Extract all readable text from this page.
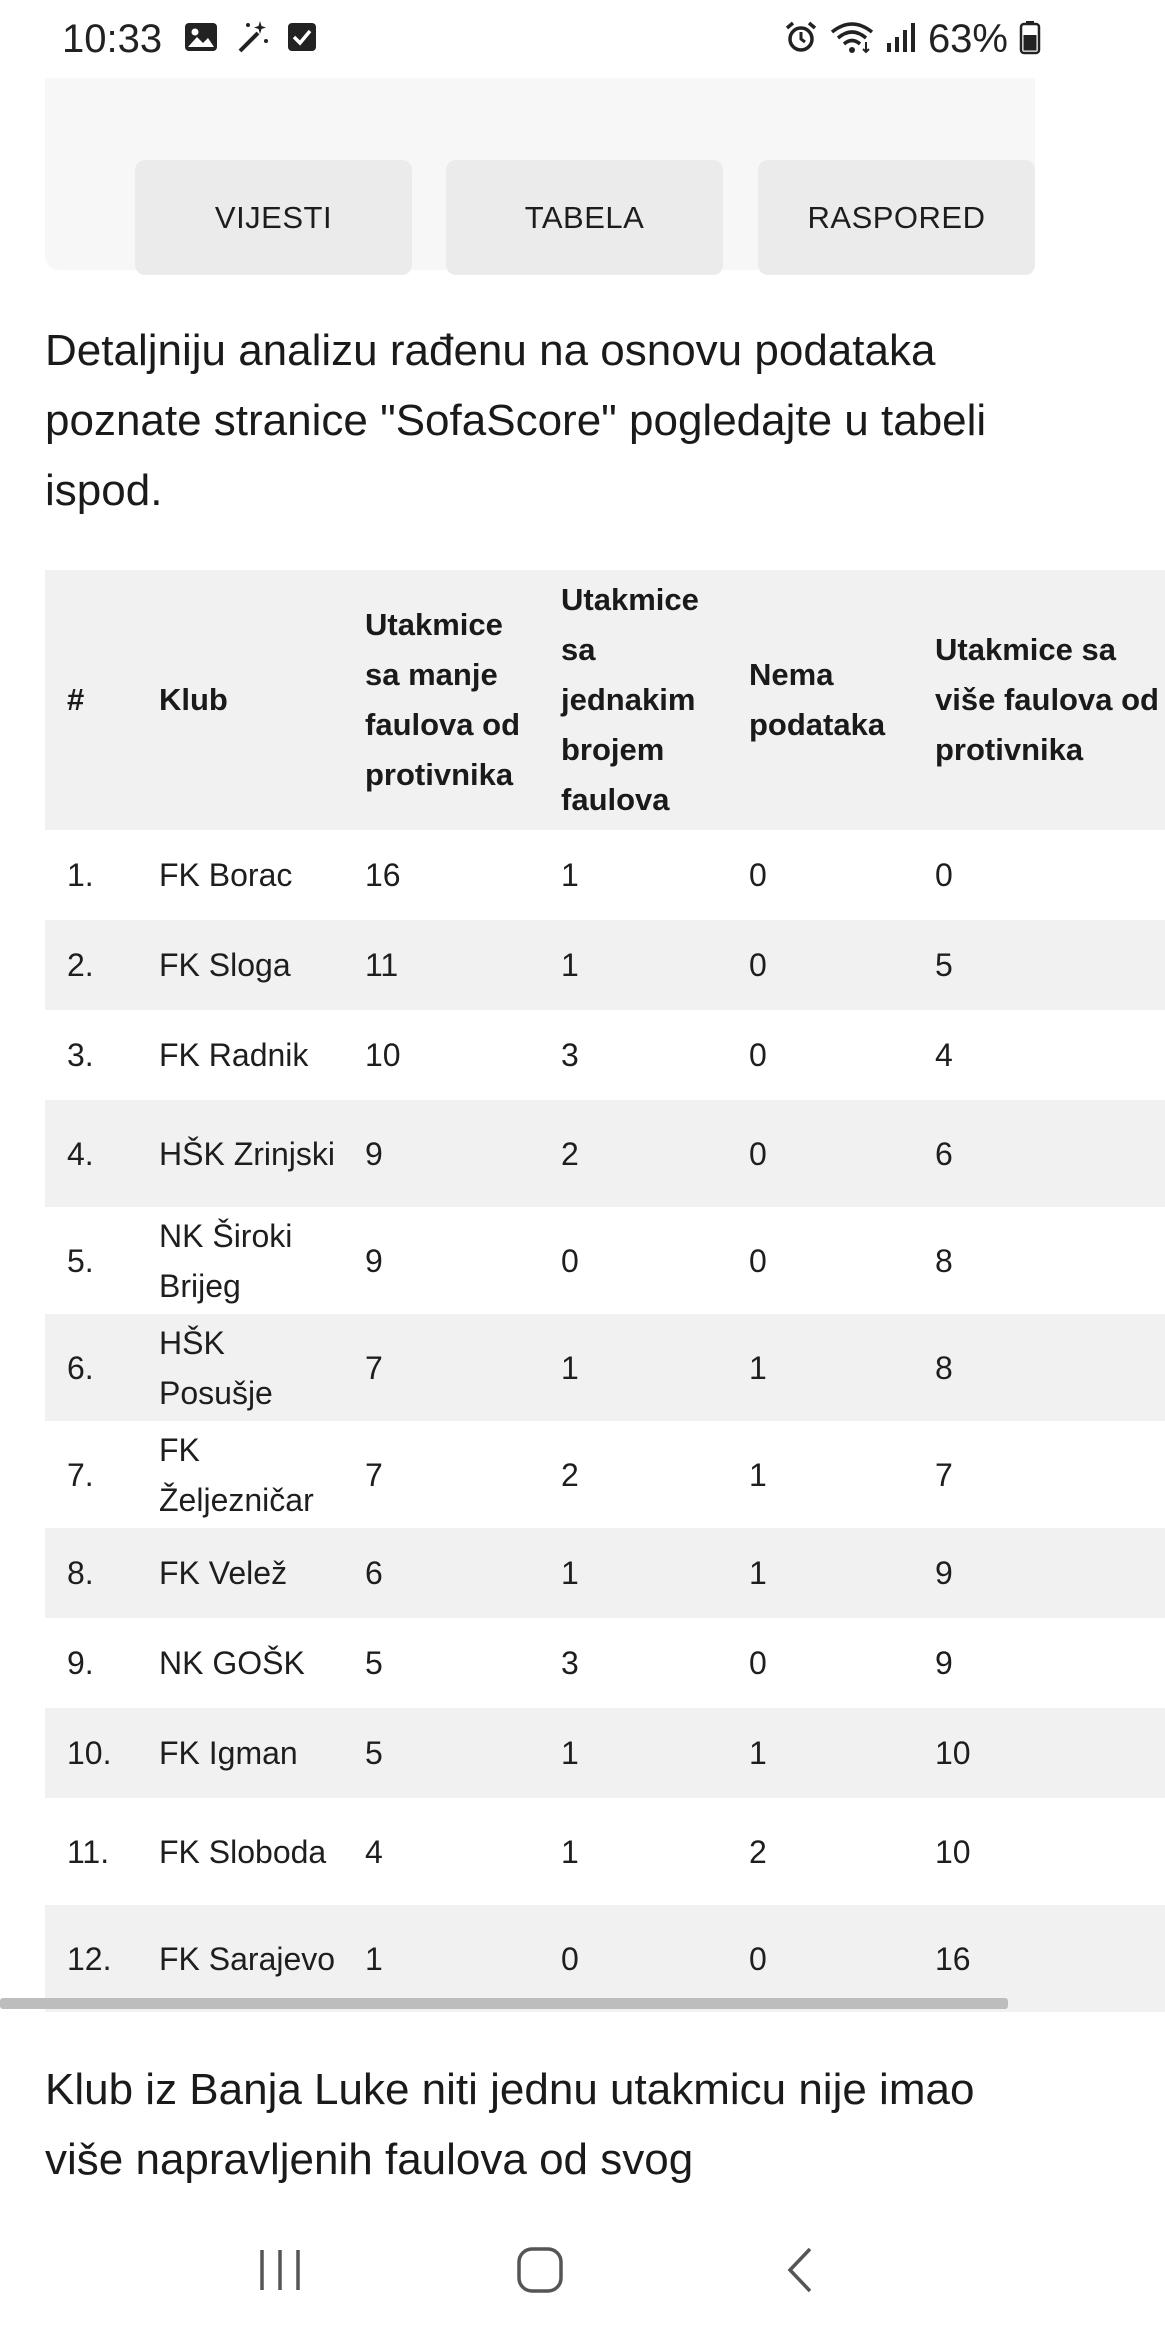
VIJESTI	TABELA	RASPORED

Detaljniju analizu rađenu na osnovu podataka poznate stranice "SofaScore" pogledajte u tabeli ispod.

#	Klub	Utakmice sa manje faulova od protivnika	Utakmice sa jednakim brojem faulova	Nema podataka	Utakmice sa više faulova od protivnika
1.	FK Borac	16	1	0	0
2.	FK Sloga	11	1	0	5
3.	FK Radnik	10	3	0	4
4.	HŠK Zrinjski	9	2	0	6
5.	NK Široki Brijeg	9	0	0	8
6.	HŠK Posušje	7	1	1	8
7.	FK Željezničar	7	2	1	7
8.	FK Velež	6	1	1	9
9.	NK GOŠK	5	3	0	9
10.	FK Igman	5	1	1	10
11.	FK Sloboda	4	1	2	10
12.	FK Sarajevo	1	0	0	16

Klub iz Banja Luke niti jednu utakmicu nije imao više napravljenih faulova od svog

10:33	63%
